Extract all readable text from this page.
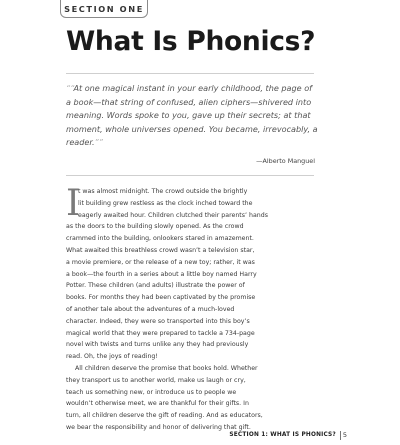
SECTION ONE
What Is Phonics?

““At one magical instant in your early childhood, the page of a book—that string of confused, alien ciphers—shivered into meaning. Words spoke to you, gave up their secrets; at that moment, whole universes opened. You became, irrevocably, a reader.””

—Alberto Manguel
I
t was almost midnight. The crowd outside the brightly
lit building grew restless as the clock inched toward the
eagerly awaited hour. Children clutched their parents’ hands
as the doors to the building slowly opened. As the crowd
crammed into the building, onlookers stared in amazement.
What awaited this breathless crowd wasn’t a television star,
a movie premiere, or the release of a new toy; rather, it was
a book—the fourth in a series about a little boy named Harry
Potter. These children (and adults) illustrate the power of
books. For months they had been captivated by the promise
of another tale about the adventures of a much-loved
character. Indeed, they were so transported into this boy’s
magical world that they were prepared to tackle a 734-page
novel with twists and turns unlike any they had previously
read. Oh, the joys of reading!
All children deserve the promise that books hold. Whether
they transport us to another world, make us laugh or cry,
teach us something new, or introduce us to people we
wouldn’t otherwise meet, we are thankful for their gifts. In
turn, all children deserve the gift of reading. And as educators,
we bear the responsibility and honor of delivering that gift.
SECTION 1: WHAT IS PHONICS? 5
